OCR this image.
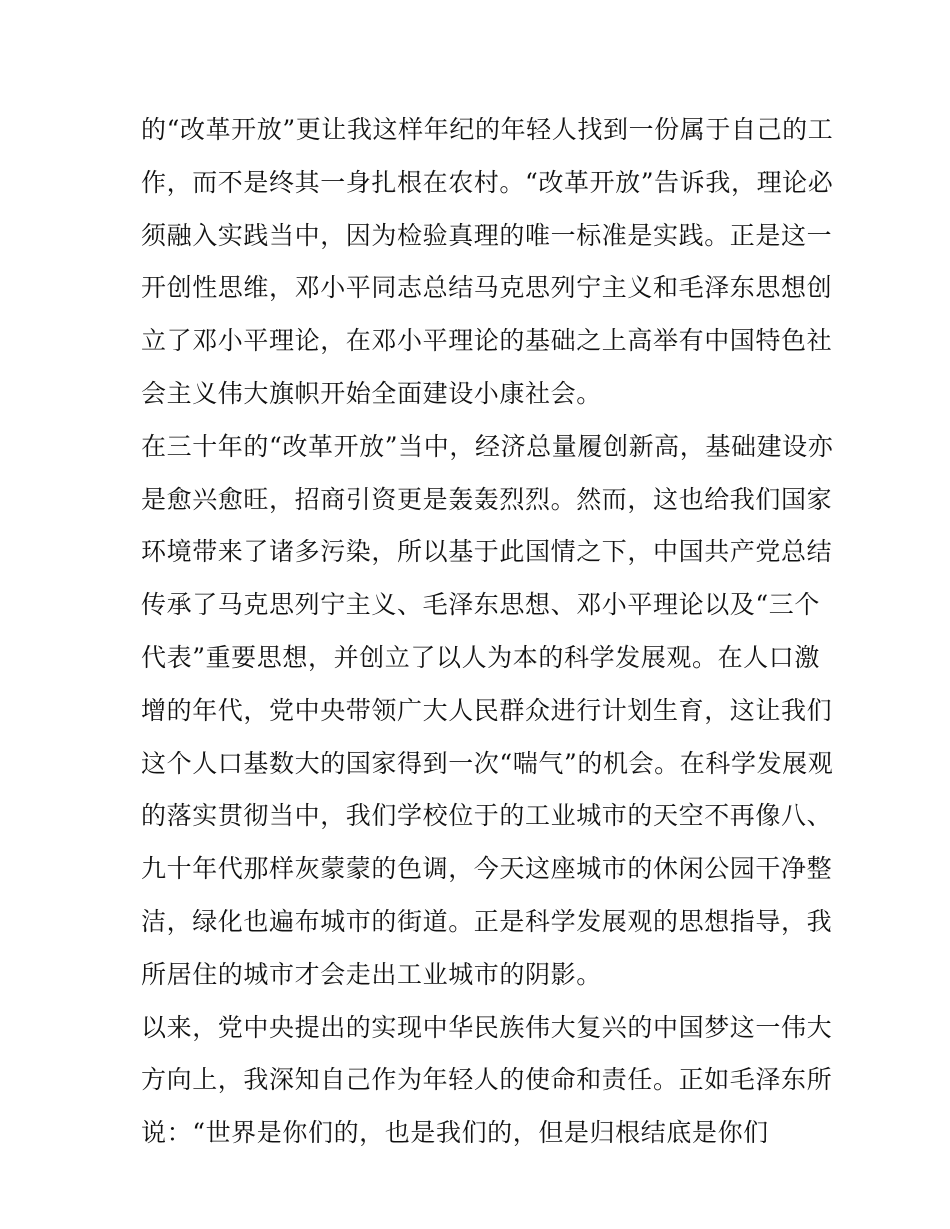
的“改革开放”更让我这样年纪的年轻人找到一份属于自己的工
作，而不是终其一身扎根在农村。“改革开放”告诉我，理论必
须融入实践当中，因为检验真理的唯一标准是实践。正是这一
开创性思维，邓小平同志总结马克思列宁主义和毛泽东思想创
立了邓小平理论，在邓小平理论的基础之上高举有中国特色社
会主义伟大旗帜开始全面建设小康社会。
在三十年的“改革开放”当中，经济总量履创新高，基础建设亦
是愈兴愈旺，招商引资更是轰轰烈烈。然而，这也给我们国家
环境带来了诸多污染，所以基于此国情之下，中国共产党总结
传承了马克思列宁主义、毛泽东思想、邓小平理论以及“三个
代表”重要思想，并创立了以人为本的科学发展观。在人口激
增的年代，党中央带领广大人民群众进行计划生育，这让我们
这个人口基数大的国家得到一次“喘气”的机会。在科学发展观
的落实贯彻当中，我们学校位于的工业城市的天空不再像八、
九十年代那样灰蒙蒙的色调，今天这座城市的休闲公园干净整
洁，绿化也遍布城市的街道。正是科学发展观的思想指导，我
所居住的城市才会走出工业城市的阴影。
以来，党中央提出的实现中华民族伟大复兴的中国梦这一伟大
方向上，我深知自己作为年轻人的使命和责任。正如毛泽东所
说：“世界是你们的，也是我们的，但是归根结底是你们
